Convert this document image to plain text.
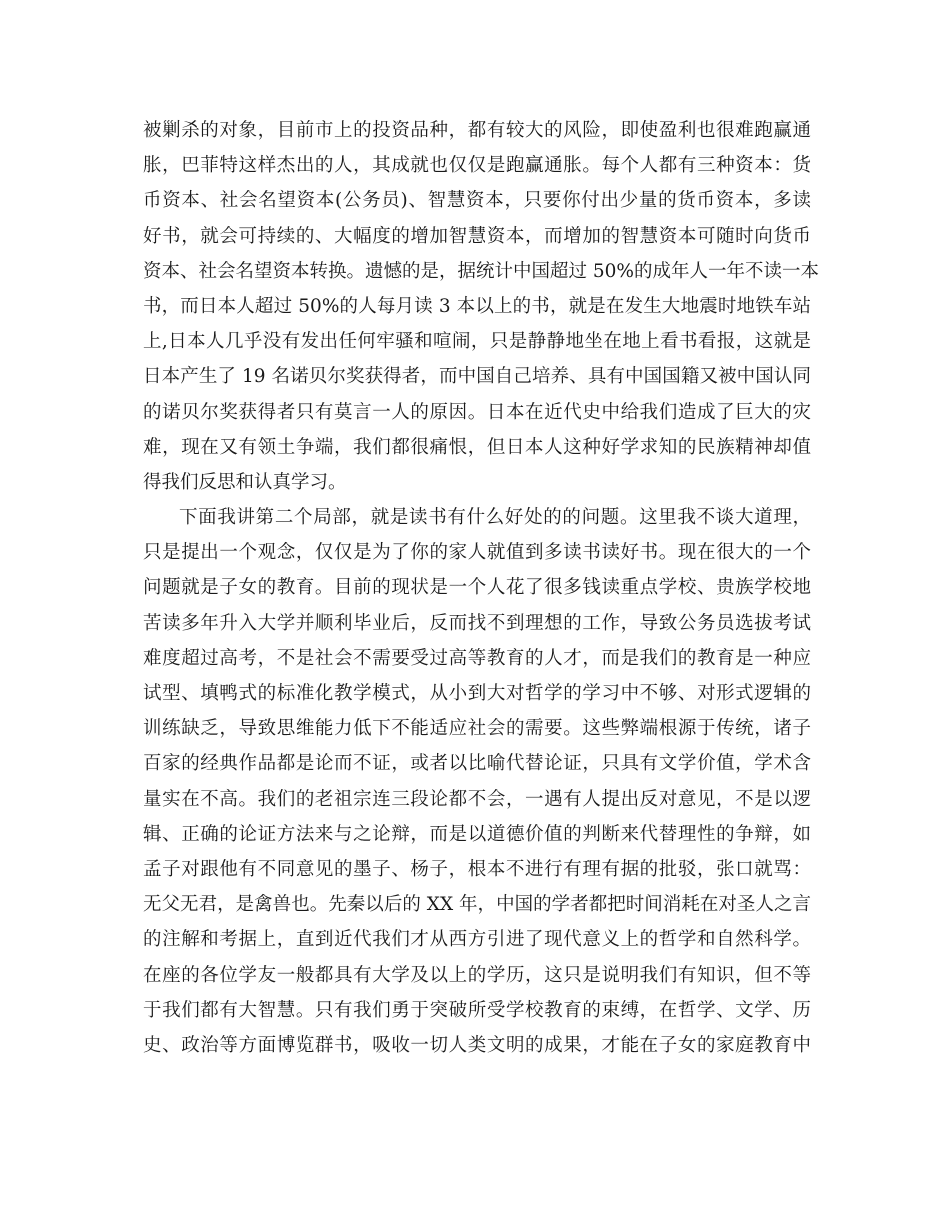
被剿杀的对象，目前市上的投资品种，都有较大的风险，即使盈利也很难跑赢通
胀，巴菲特这样杰出的人，其成就也仅仅是跑赢通胀。每个人都有三种资本：货
币资本、社会名望资本(公务员)、智慧资本，只要你付出少量的货币资本，多读
好书，就会可持续的、大幅度的增加智慧资本，而增加的智慧资本可随时向货币
资本、社会名望资本转换。遗憾的是，据统计中国超过 50%的成年人一年不读一本
书，而日本人超过 50%的人每月读 3 本以上的书，就是在发生大地震时地铁车站
上,日本人几乎没有发出任何牢骚和喧闹，只是静静地坐在地上看书看报，这就是
日本产生了 19 名诺贝尔奖获得者，而中国自己培养、具有中国国籍又被中国认同
的诺贝尔奖获得者只有莫言一人的原因。日本在近代史中给我们造成了巨大的灾
难，现在又有领土争端，我们都很痛恨，但日本人这种好学求知的民族精神却值
得我们反思和认真学习。
下面我讲第二个局部，就是读书有什么好处的的问题。这里我不谈大道理，
只是提出一个观念，仅仅是为了你的家人就值到多读书读好书。现在很大的一个
问题就是子女的教育。目前的现状是一个人花了很多钱读重点学校、贵族学校地
苦读多年升入大学并顺利毕业后，反而找不到理想的工作，导致公务员选拔考试
难度超过高考，不是社会不需要受过高等教育的人才，而是我们的教育是一种应
试型、填鸭式的标准化教学模式，从小到大对哲学的学习中不够、对形式逻辑的
训练缺乏，导致思维能力低下不能适应社会的需要。这些弊端根源于传统，诸子
百家的经典作品都是论而不证，或者以比喻代替论证，只具有文学价值，学术含
量实在不高。我们的老祖宗连三段论都不会，一遇有人提出反对意见，不是以逻
辑、正确的论证方法来与之论辩，而是以道德价值的判断来代替理性的争辩，如
孟子对跟他有不同意见的墨子、杨子，根本不进行有理有据的批驳，张口就骂：
无父无君，是禽兽也。先秦以后的 XX 年，中国的学者都把时间消耗在对圣人之言
的注解和考据上，直到近代我们才从西方引进了现代意义上的哲学和自然科学。
在座的各位学友一般都具有大学及以上的学历，这只是说明我们有知识，但不等
于我们都有大智慧。只有我们勇于突破所受学校教育的束缚，在哲学、文学、历
史、政治等方面博览群书，吸收一切人类文明的成果，才能在子女的家庭教育中
